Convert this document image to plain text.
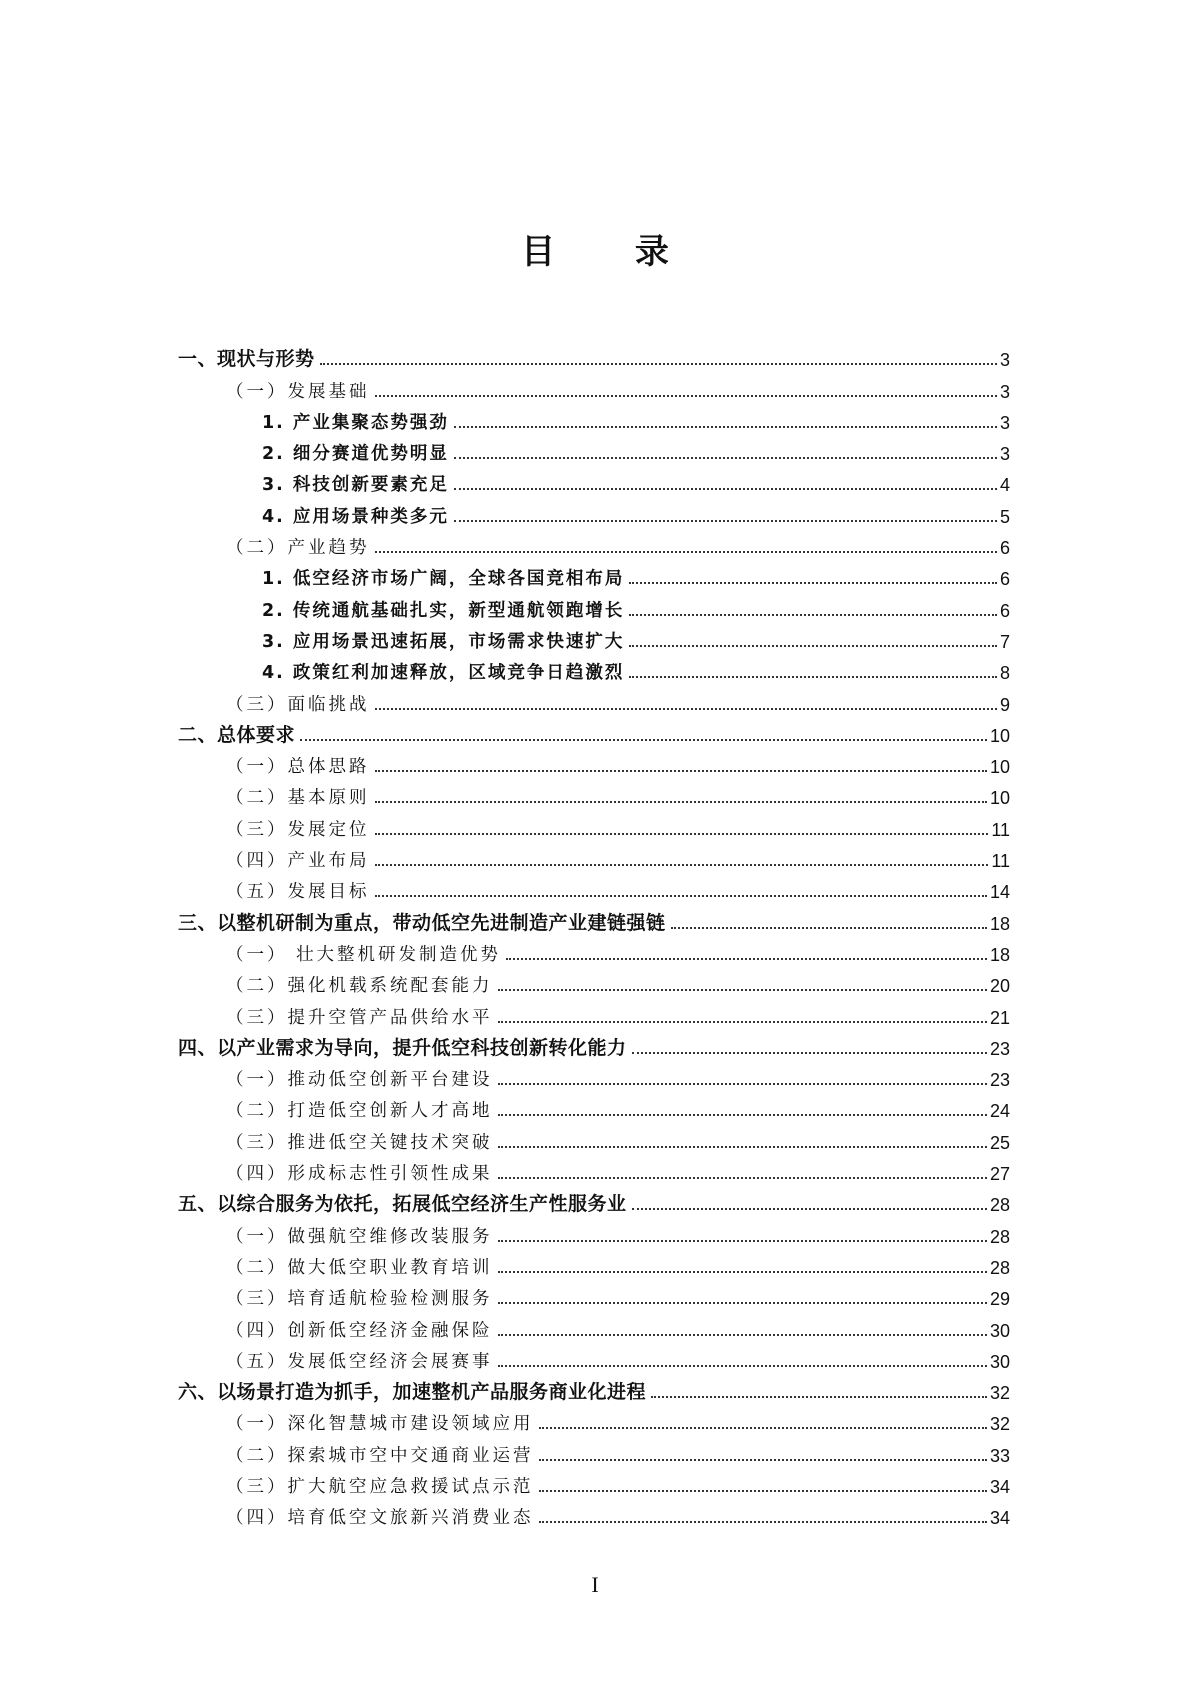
目 录
一、现状与形势	3
（一）发展基础	3
1. 产业集聚态势强劲	3
2. 细分赛道优势明显	3
3. 科技创新要素充足	4
4. 应用场景种类多元	5
（二）产业趋势	6
1. 低空经济市场广阔，全球各国竞相布局	6
2. 传统通航基础扎实，新型通航领跑增长	6
3. 应用场景迅速拓展，市场需求快速扩大	7
4. 政策红利加速释放，区域竞争日趋激烈	8
（三）面临挑战	9
二、总体要求	10
（一）总体思路	10
（二）基本原则	10
（三）发展定位	11
（四）产业布局	11
（五）发展目标	14
三、以整机研制为重点，带动低空先进制造产业建链强链	18
（一） 壮大整机研发制造优势	18
（二）强化机载系统配套能力	20
（三）提升空管产品供给水平	21
四、以产业需求为导向，提升低空科技创新转化能力	23
（一）推动低空创新平台建设	23
（二）打造低空创新人才高地	24
（三）推进低空关键技术突破	25
（四）形成标志性引领性成果	27
五、以综合服务为依托，拓展低空经济生产性服务业	28
（一）做强航空维修改装服务	28
（二）做大低空职业教育培训	28
（三）培育适航检验检测服务	29
（四）创新低空经济金融保险	30
（五）发展低空经济会展赛事	30
六、以场景打造为抓手，加速整机产品服务商业化进程	32
（一）深化智慧城市建设领域应用	32
（二）探索城市空中交通商业运营	33
（三）扩大航空应急救援试点示范	34
（四）培育低空文旅新兴消费业态	34
I
